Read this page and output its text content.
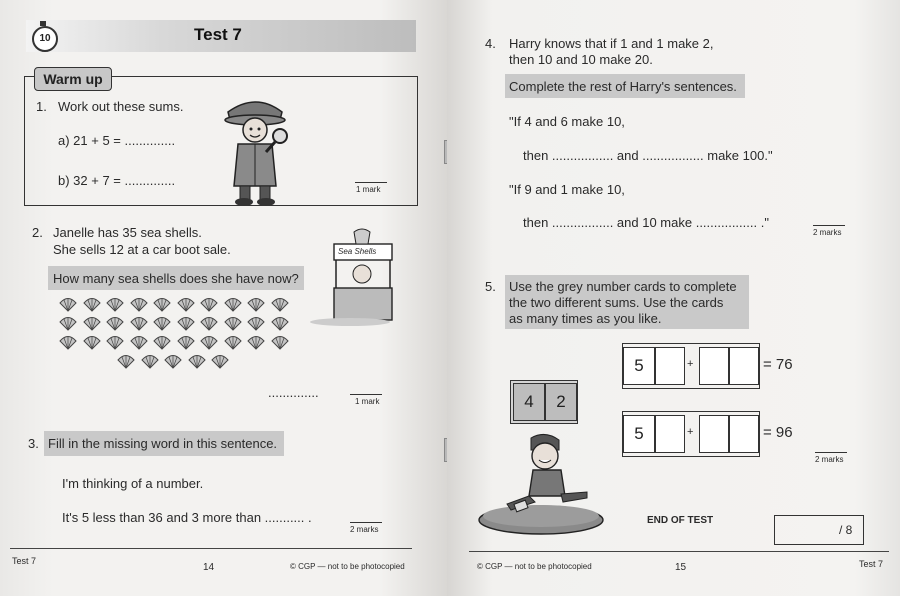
10	Test 7
Warm up
1. Work out these sums.
a) 21 + 5 = ..............
b) 32 + 7 = ..............
1 mark
2. Janelle has 35 sea shells.
She sells 12 at a car boot sale.
How many sea shells does she have now?
Sea Shells
..............
1 mark
3. Fill in the missing word in this sentence.
I'm thinking of a number.
It's 5 less than 36 and 3 more than ........... .
2 marks
Test 7
14	© CGP — not to be photocopied
4. Harry knows that if 1 and 1 make 2,
then 10 and 10 make 20.
Complete the rest of Harry's sentences.
"If 4 and 6 make 10,
then ................. and ................. make 100."
"If 9 and 1 make 10,
then ................. and 10 make ................. ."
2 marks
5. Use the grey number cards to complete
the two different sums. Use the cards
as many times as you like.
4	2
5	+	= 76
5	+	= 96
2 marks
END OF TEST
/ 8
© CGP — not to be photocopied	15	Test 7
